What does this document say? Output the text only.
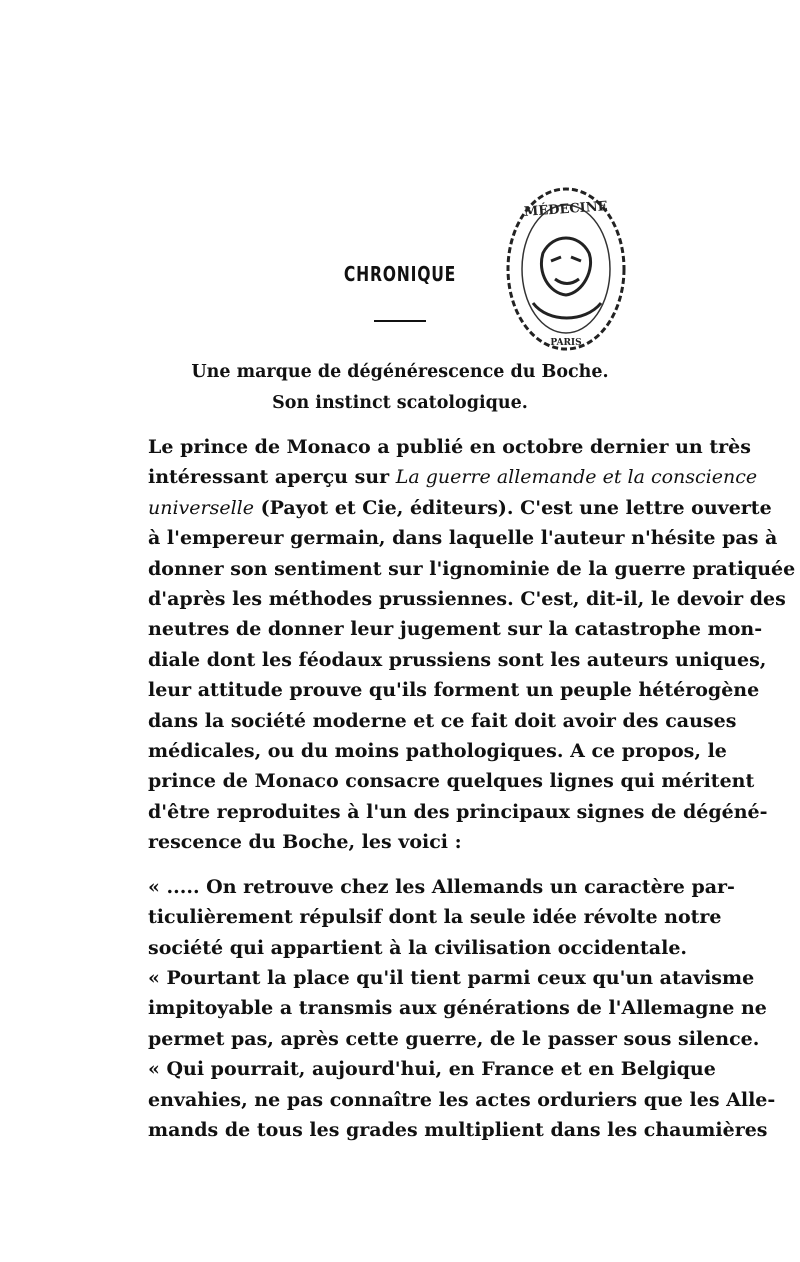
MÉDECINE
PARIS
CHRONIQUE
Une marque de dégénérescence du Boche.
Son instinct scatologique.

Le prince de Monaco a publié en octobre dernier un très
intéressant aperçu sur La guerre allemande et la conscience
universelle (Payot et Cie, éditeurs). C'est une lettre ouverte
à l'empereur germain, dans laquelle l'auteur n'hésite pas à
donner son sentiment sur l'ignominie de la guerre pratiquée
d'après les méthodes prussiennes. C'est, dit-il, le devoir des
neutres de donner leur jugement sur la catastrophe mon-
diale dont les féodaux prussiens sont les auteurs uniques,
leur attitude prouve qu'ils forment un peuple hétérogène
dans la société moderne et ce fait doit avoir des causes
médicales, ou du moins pathologiques. A ce propos, le
prince de Monaco consacre quelques lignes qui méritent
d'être reproduites à l'un des principaux signes de dégéné-
rescence du Boche, les voici :

« ..... On retrouve chez les Allemands un caractère par-
ticulièrement répulsif dont la seule idée révolte notre
société qui appartient à la civilisation occidentale.

« Pourtant la place qu'il tient parmi ceux qu'un atavisme
impitoyable a transmis aux générations de l'Allemagne ne
permet pas, après cette guerre, de le passer sous silence.

« Qui pourrait, aujourd'hui, en France et en Belgique
envahies, ne pas connaître les actes orduriers que les Alle-
mands de tous les grades multiplient dans les chaumières
